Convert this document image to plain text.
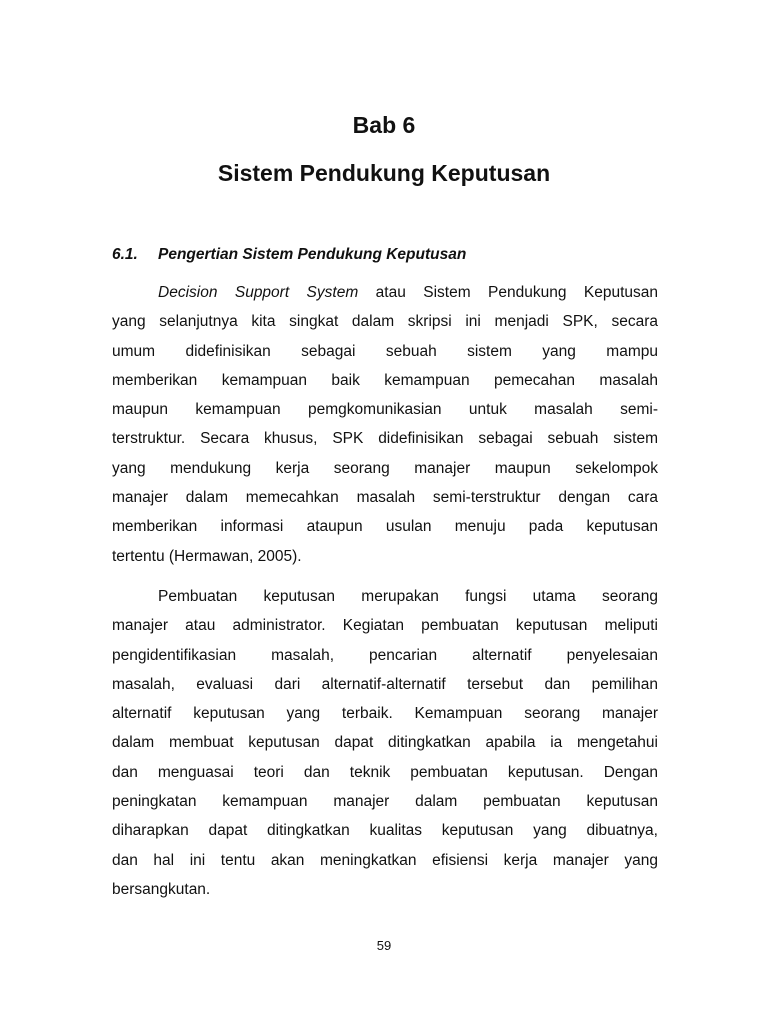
Bab 6
Sistem Pendukung Keputusan
6.1. Pengertian Sistem Pendukung Keputusan
Decision Support System atau Sistem Pendukung Keputusan
yang selanjutnya kita singkat dalam skripsi ini menjadi SPK, secara
umum didefinisikan sebagai sebuah sistem yang mampu
memberikan kemampuan baik kemampuan pemecahan masalah
maupun kemampuan pemgkomunikasian untuk masalah semi-
terstruktur. Secara khusus, SPK didefinisikan sebagai sebuah sistem
yang mendukung kerja seorang manajer maupun sekelompok
manajer dalam memecahkan masalah semi-terstruktur dengan cara
memberikan informasi ataupun usulan menuju pada keputusan
tertentu (Hermawan, 2005).
Pembuatan keputusan merupakan fungsi utama seorang
manajer atau administrator. Kegiatan pembuatan keputusan meliputi
pengidentifikasian masalah, pencarian alternatif penyelesaian
masalah, evaluasi dari alternatif-alternatif tersebut dan pemilihan
alternatif keputusan yang terbaik. Kemampuan seorang manajer
dalam membuat keputusan dapat ditingkatkan apabila ia mengetahui
dan menguasai teori dan teknik pembuatan keputusan. Dengan
peningkatan kemampuan manajer dalam pembuatan keputusan
diharapkan dapat ditingkatkan kualitas keputusan yang dibuatnya,
dan hal ini tentu akan meningkatkan efisiensi kerja manajer yang
bersangkutan.
59
